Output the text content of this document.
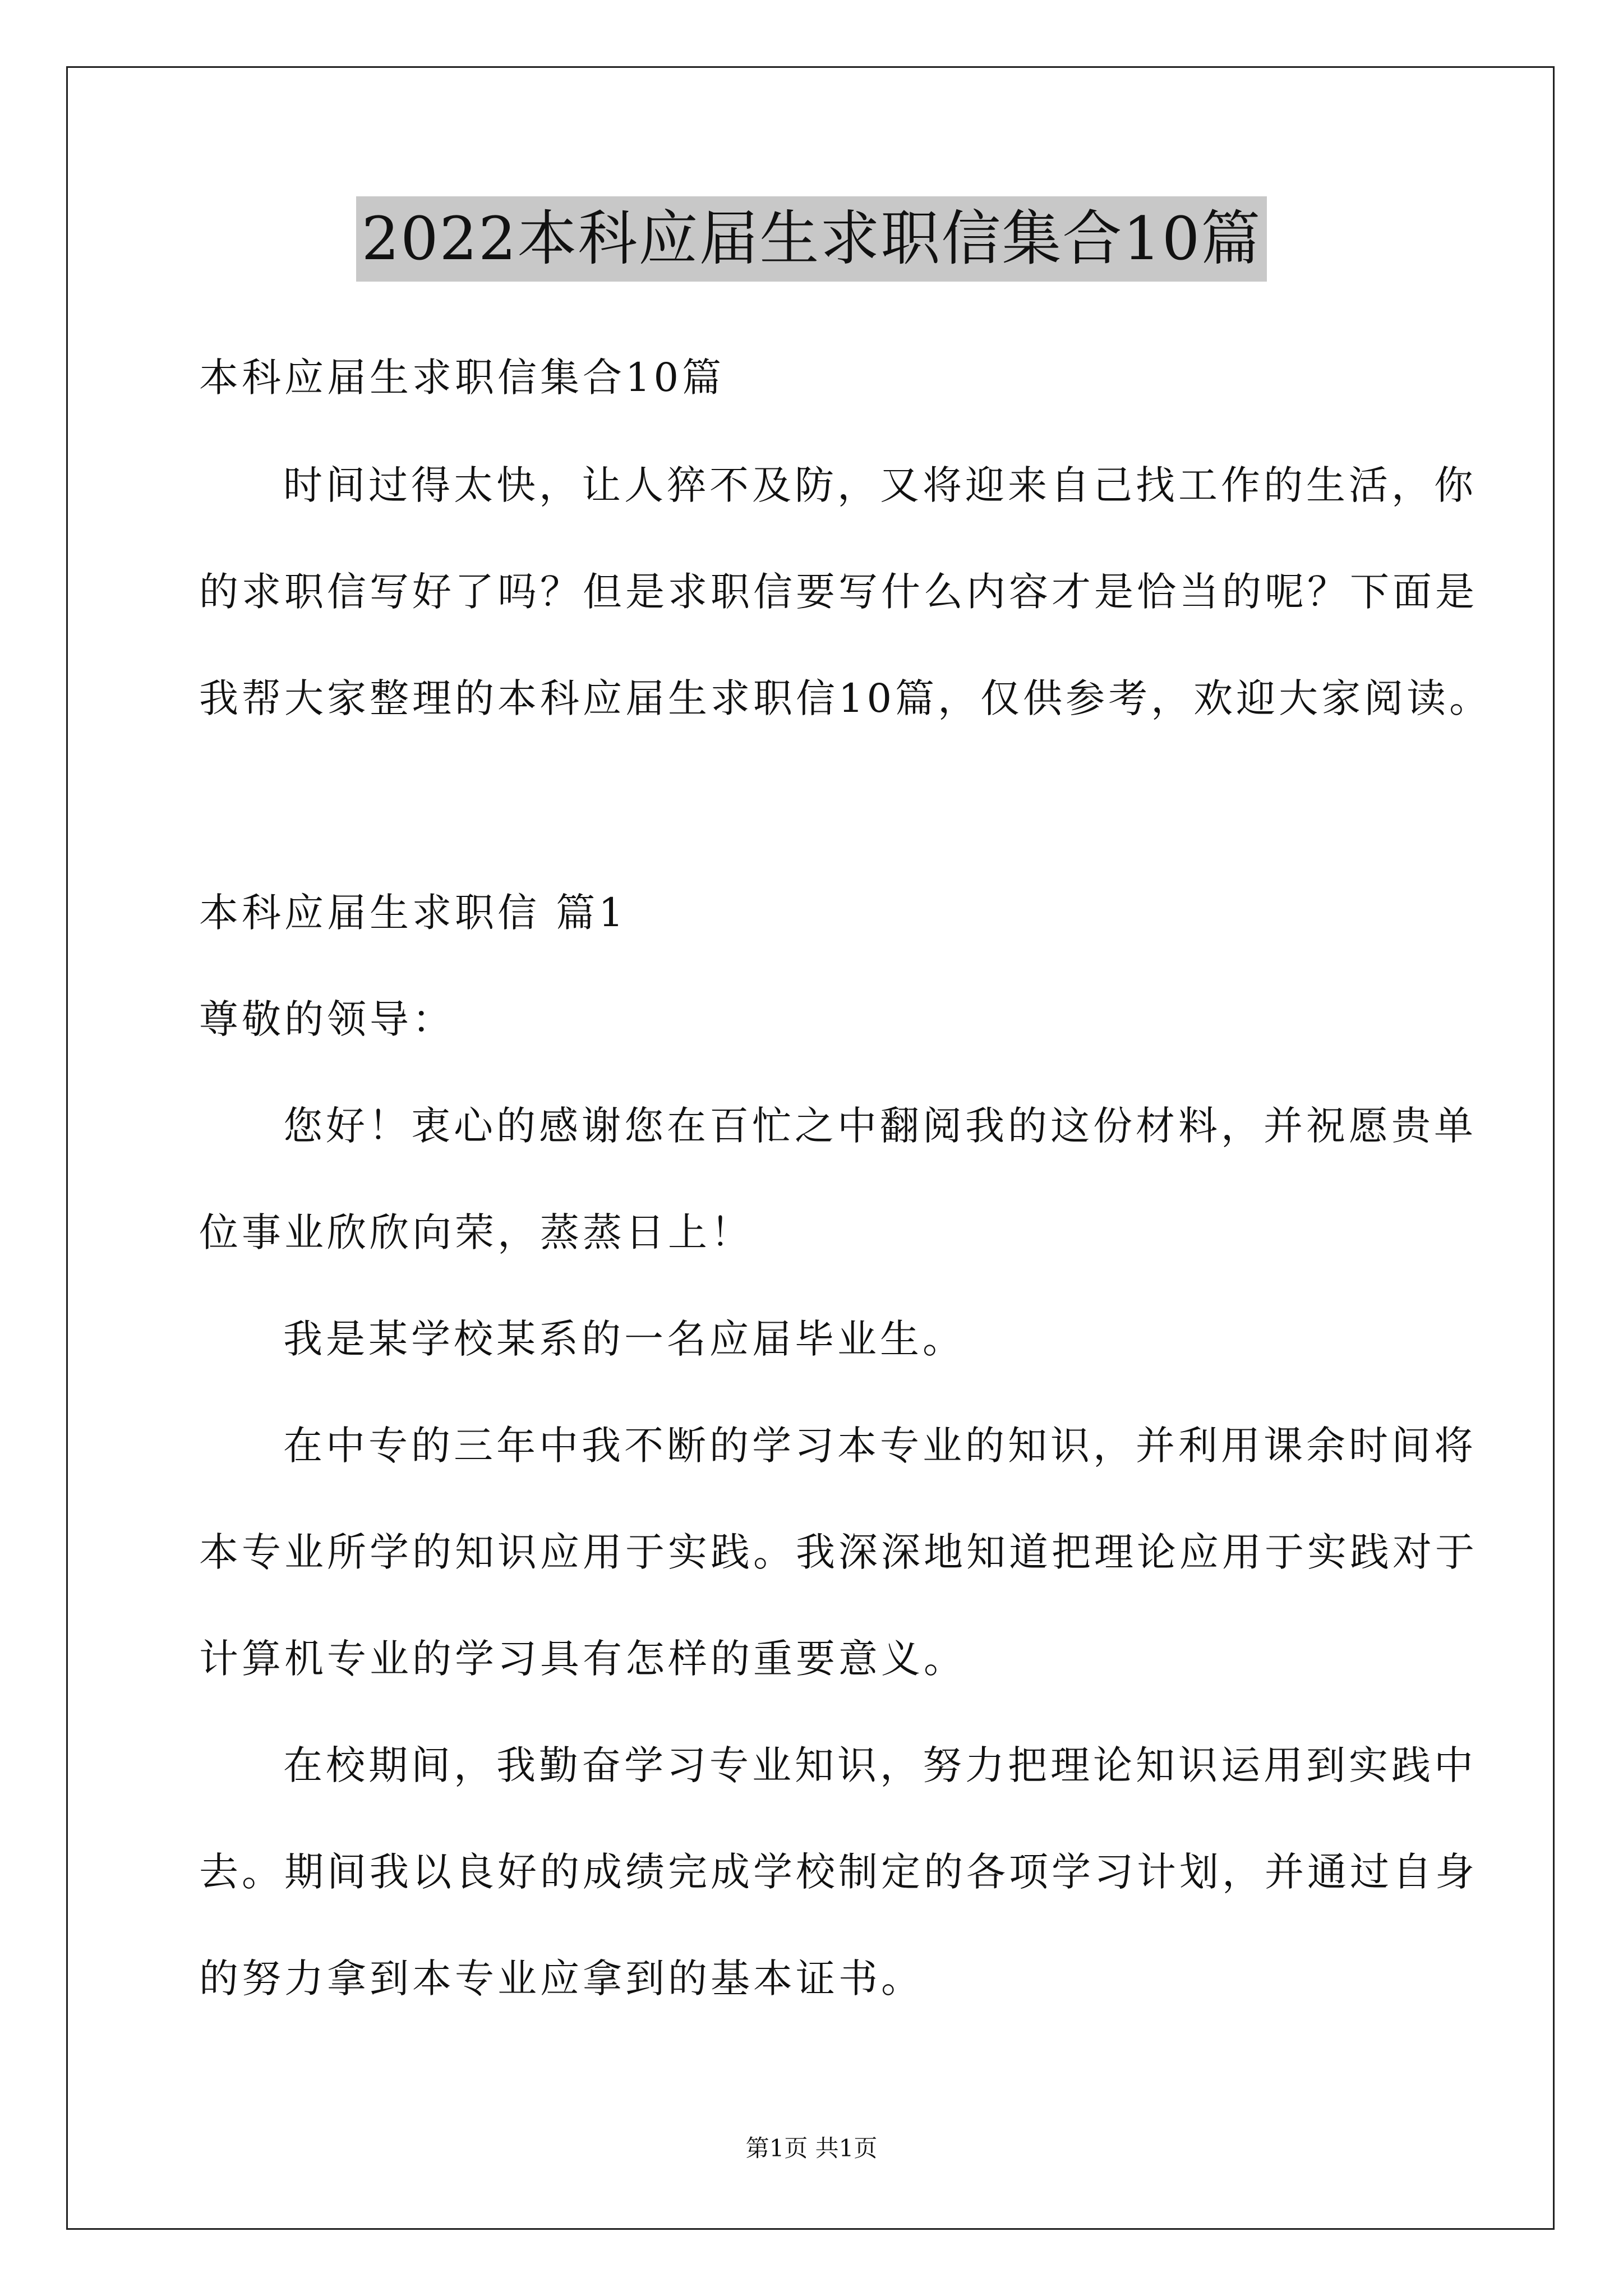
2022本科应届生求职信集合10篇
本科应届生求职信集合10篇
时间过得太快，让人猝不及防，又将迎来自己找工作的生活，你
的求职信写好了吗？但是求职信要写什么内容才是恰当的呢？下面是
我帮大家整理的本科应届生求职信10篇，仅供参考，欢迎大家阅读。
本科应届生求职信 篇1
尊敬的领导：
您好！衷心的感谢您在百忙之中翻阅我的这份材料，并祝愿贵单
位事业欣欣向荣，蒸蒸日上！
我是某学校某系的一名应届毕业生。
在中专的三年中我不断的学习本专业的知识，并利用课余时间将
本专业所学的知识应用于实践。我深深地知道把理论应用于实践对于
计算机专业的学习具有怎样的重要意义。
在校期间，我勤奋学习专业知识，努力把理论知识运用到实践中
去。期间我以良好的成绩完成学校制定的各项学习计划，并通过自身
的努力拿到本专业应拿到的基本证书。
第1页 共1页
